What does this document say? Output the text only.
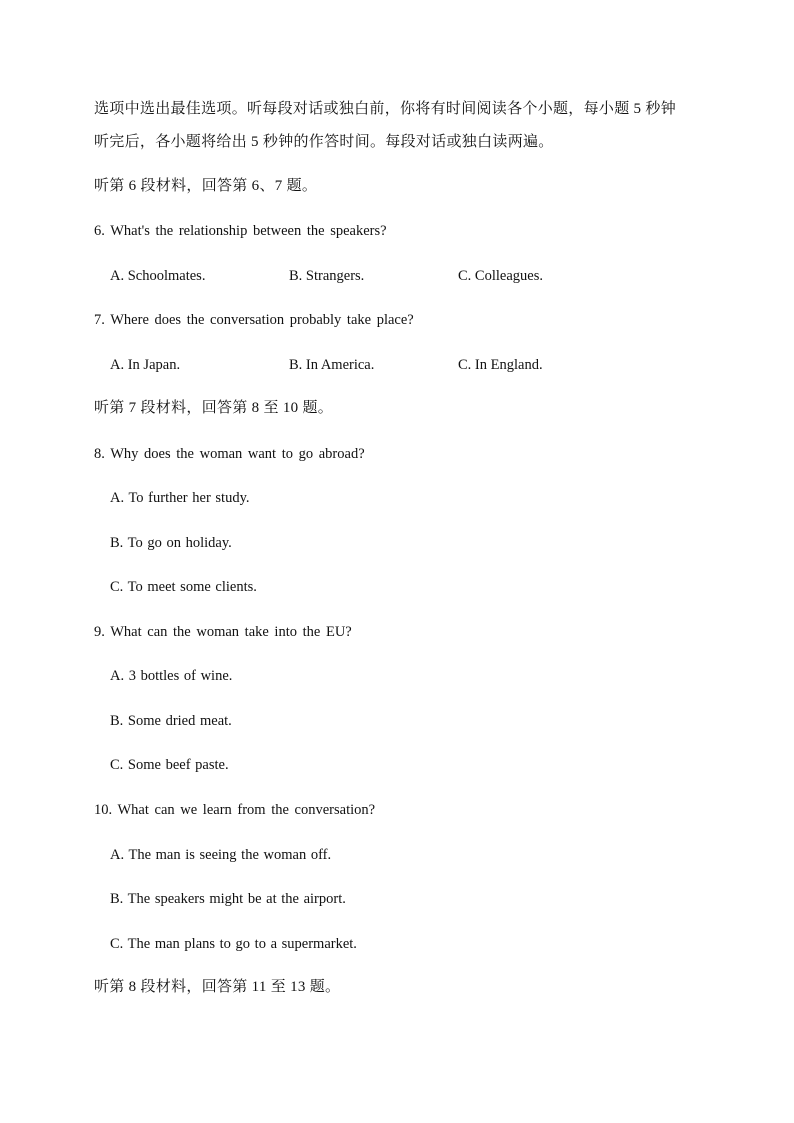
选项中选出最佳选项。听每段对话或独白前，你将有时间阅读各个小题，每小题 5 秒钟
听完后，各小题将给出 5 秒钟的作答时间。每段对话或独白读两遍。
听第 6 段材料，回答第 6、7 题。
6. What's the relationship between the speakers?
A. Schoolmates.	B. Strangers.	C. Colleagues.
7. Where does the conversation probably take place?
A. In Japan.	B. In America.	C. In England.
听第 7 段材料，回答第 8 至 10 题。
8. Why does the woman want to go abroad?
A. To further her study.
B. To go on holiday.
C. To meet some clients.
9. What can the woman take into the EU?
A. 3 bottles of wine.
B. Some dried meat.
C. Some beef paste.
10. What can we learn from the conversation?
A. The man is seeing the woman off.
B. The speakers might be at the airport.
C. The man plans to go to a supermarket.
听第 8 段材料，回答第 11 至 13 题。
